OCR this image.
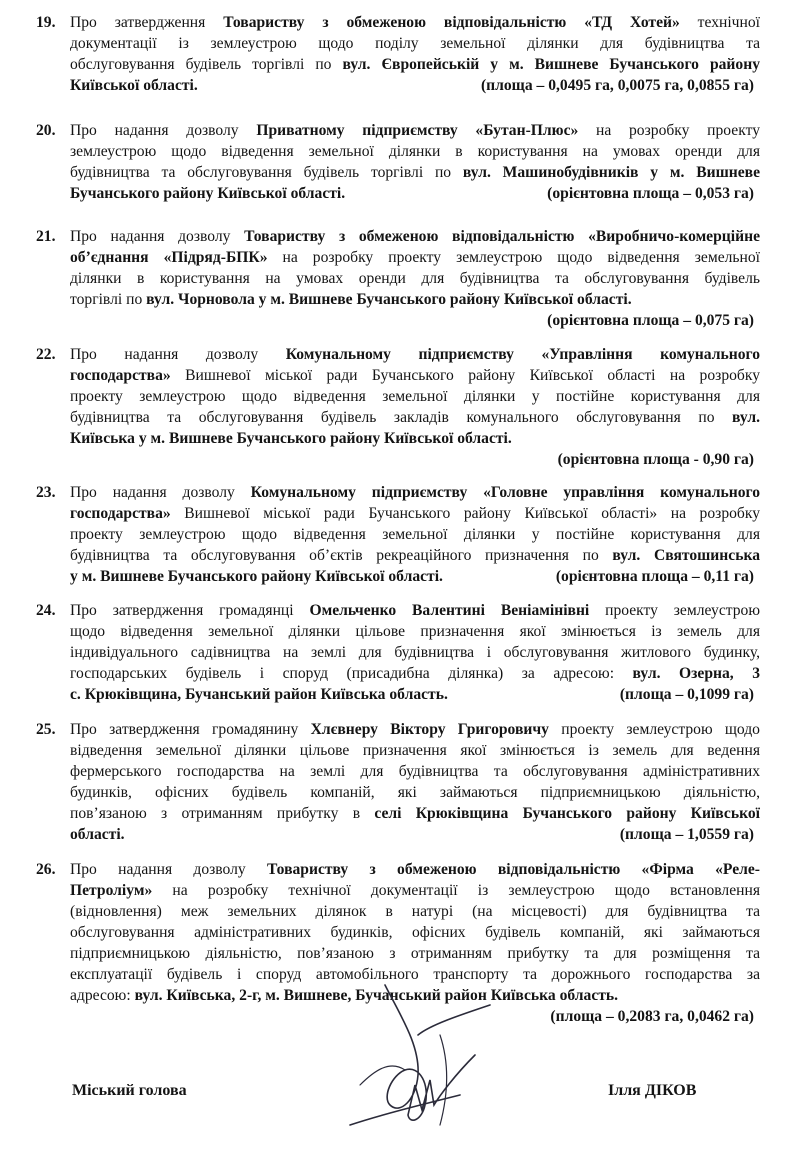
19. Про затвердження Товариству з обмеженою відповідальністю «ТД Хотей» технічної
документації із землеустрою щодо поділу земельної ділянки для будівництва та
обслуговування будівель торгівлі по вул. Європейській у м. Вишневе Бучанського району
Київської області.	(площа – 0,0495 га, 0,0075 га, 0,0855 га)
20. Про надання дозволу Приватному підприємству «Бутан-Плюс» на розробку проекту
землеустрою щодо відведення земельної ділянки в користування на умовах оренди для
будівництва та обслуговування будівель торгівлі по вул. Машинобудівників у м. Вишневе
Бучанського району Київської області.	(орієнтовна площа – 0,053 га)
21. Про надання дозволу Товариству з обмеженою відповідальністю «Виробничо-комерційне
об’єднання «Підряд-БПК» на розробку проекту землеустрою щодо відведення земельної
ділянки в користування на умовах оренди для будівництва та обслуговування будівель
торгівлі по вул. Чорновола у м. Вишневе Бучанського району Київської області.
(орієнтовна площа – 0,075 га)
22. Про надання дозволу Комунальному підприємству «Управління комунального
господарства» Вишневої міської ради Бучанського району Київської області на розробку
проекту землеустрою щодо відведення земельної ділянки у постійне користування для
будівництва та обслуговування будівель закладів комунального обслуговування по вул.
Київська у м. Вишневе Бучанського району Київської області.
(орієнтовна площа - 0,90 га)
23. Про надання дозволу Комунальному підприємству «Головне управління комунального
господарства» Вишневої міської ради Бучанського району Київської області» на розробку
проекту землеустрою щодо відведення земельної ділянки у постійне користування для
будівництва та обслуговування об’єктів рекреаційного призначення по вул. Святошинська
у м. Вишневе Бучанського району Київської області.	(орієнтовна площа – 0,11 га)
24. Про затвердження громадянці Омельченко Валентині Веніамінівні проекту землеустрою
щодо відведення земельної ділянки цільове призначення якої змінюється із земель для
індивідуального садівництва на землі для будівництва і обслуговування житлового будинку,
господарських будівель і споруд (присадибна ділянка) за адресою: вул. Озерна, 3
с. Крюківщина, Бучанський район Київська область.	(площа – 0,1099 га)
25. Про затвердження громадянину Хлєвнеру Віктору Григоровичу проекту землеустрою щодо
відведення земельної ділянки цільове призначення якої змінюється із земель для ведення
фермерського господарства на землі для будівництва та обслуговування адміністративних
будинків, офісних будівель компаній, які займаються підприємницькою діяльністю,
пов’язаною з отриманням прибутку в селі Крюківщина Бучанського району Київської
області.	(площа – 1,0559 га)
26. Про надання дозволу Товариству з обмеженою відповідальністю «Фірма «Реле-
Петроліум» на розробку технічної документації із землеустрою щодо встановлення
(відновлення) меж земельних ділянок в натурі (на місцевості) для будівництва та
обслуговування адміністративних будинків, офісних будівель компаній, які займаються
підприємницькою діяльністю, пов’язаною з отриманням прибутку та для розміщення та
експлуатації будівель і споруд автомобільного транспорту та дорожнього господарства за
адресою: вул. Київська, 2-г, м. Вишневе, Бучанський район Київська область.
(площа – 0,2083 га, 0,0462 га)
Міський голова	Ілля ДІКОВ
